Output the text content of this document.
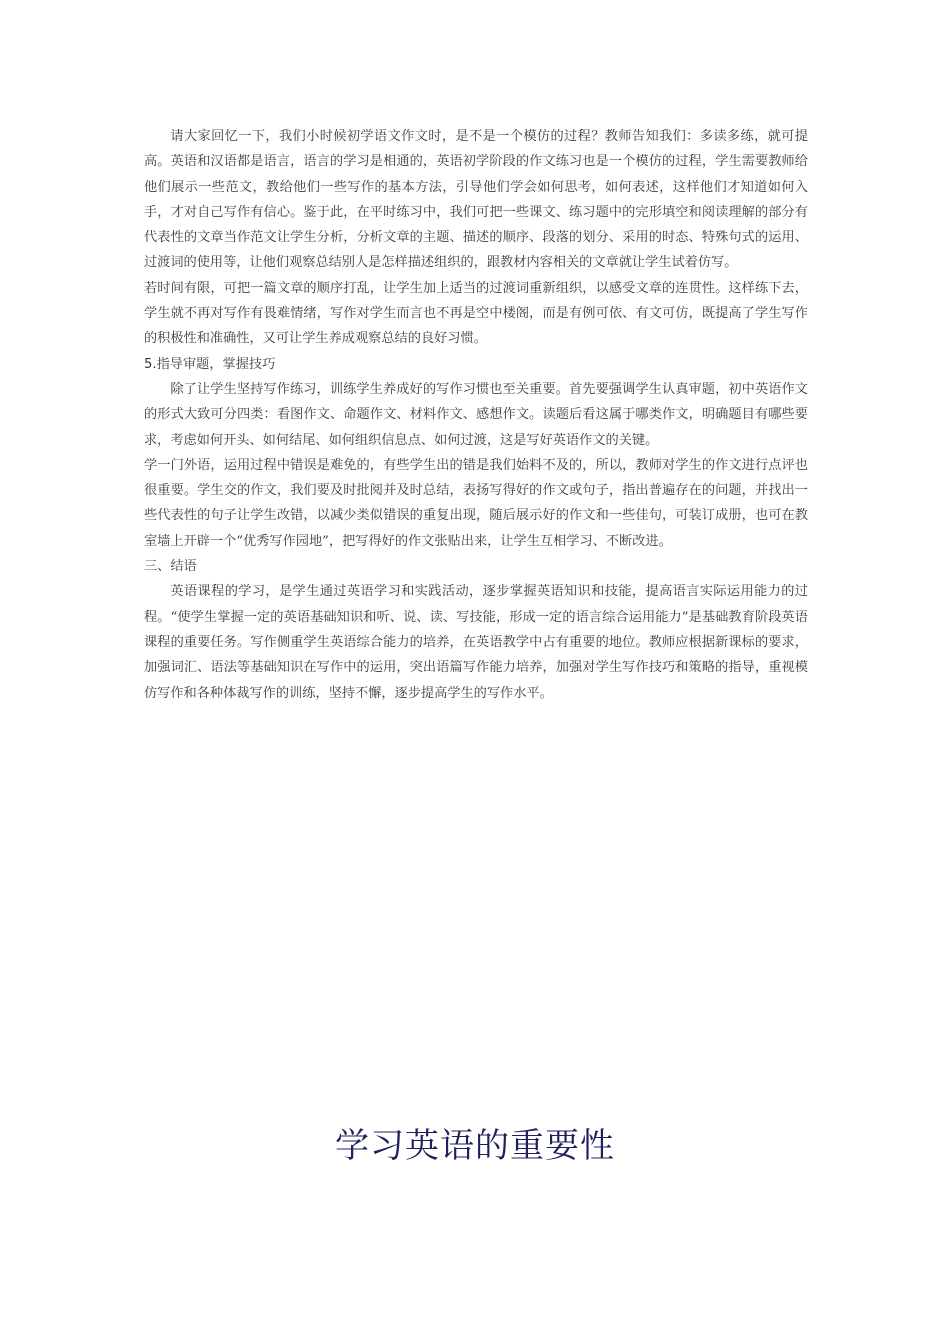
请大家回忆一下，我们小时候初学语文作文时，是不是一个模仿的过程？教师告知我们：多读多练，就可提高。英语和汉语都是语言，语言的学习是相通的，英语初学阶段的作文练习也是一个模仿的过程，学生需要教师给他们展示一些范文，教给他们一些写作的基本方法，引导他们学会如何思考，如何表述，这样他们才知道如何入手，才对自己写作有信心。鉴于此，在平时练习中，我们可把一些课文、练习题中的完形填空和阅读理解的部分有代表性的文章当作范文让学生分析，分析文章的主题、描述的顺序、段落的划分、采用的时态、特殊句式的运用、过渡词的使用等，让他们观察总结别人是怎样描述组织的，跟教材内容相关的文章就让学生试着仿写。

若时间有限，可把一篇文章的顺序打乱，让学生加上适当的过渡词重新组织，以感受文章的连贯性。这样练下去，学生就不再对写作有畏难情绪，写作对学生而言也不再是空中楼阁，而是有例可依、有文可仿，既提高了学生写作的积极性和准确性，又可让学生养成观察总结的良好习惯。

5.指导审题，掌握技巧

除了让学生坚持写作练习，训练学生养成好的写作习惯也至关重要。首先要强调学生认真审题，初中英语作文的形式大致可分四类：看图作文、命题作文、材料作文、感想作文。读题后看这属于哪类作文，明确题目有哪些要求，考虑如何开头、如何结尾、如何组织信息点、如何过渡，这是写好英语作文的关键。

学一门外语，运用过程中错误是难免的，有些学生出的错是我们始料不及的，所以，教师对学生的作文进行点评也很重要。学生交的作文，我们要及时批阅并及时总结，表扬写得好的作文或句子，指出普遍存在的问题，并找出一些代表性的句子让学生改错，以减少类似错误的重复出现，随后展示好的作文和一些佳句，可装订成册，也可在教室墙上开辟一个“优秀写作园地”，把写得好的作文张贴出来，让学生互相学习、不断改进。

三、结语

英语课程的学习，是学生通过英语学习和实践活动，逐步掌握英语知识和技能，提高语言实际运用能力的过程。“使学生掌握一定的英语基础知识和听、说、读、写技能，形成一定的语言综合运用能力”是基础教育阶段英语课程的重要任务。写作侧重学生英语综合能力的培养，在英语教学中占有重要的地位。教师应根据新课标的要求，加强词汇、语法等基础知识在写作中的运用，突出语篇写作能力培养，加强对学生写作技巧和策略的指导，重视模仿写作和各种体裁写作的训练，坚持不懈，逐步提高学生的写作水平。

学习英语的重要性
